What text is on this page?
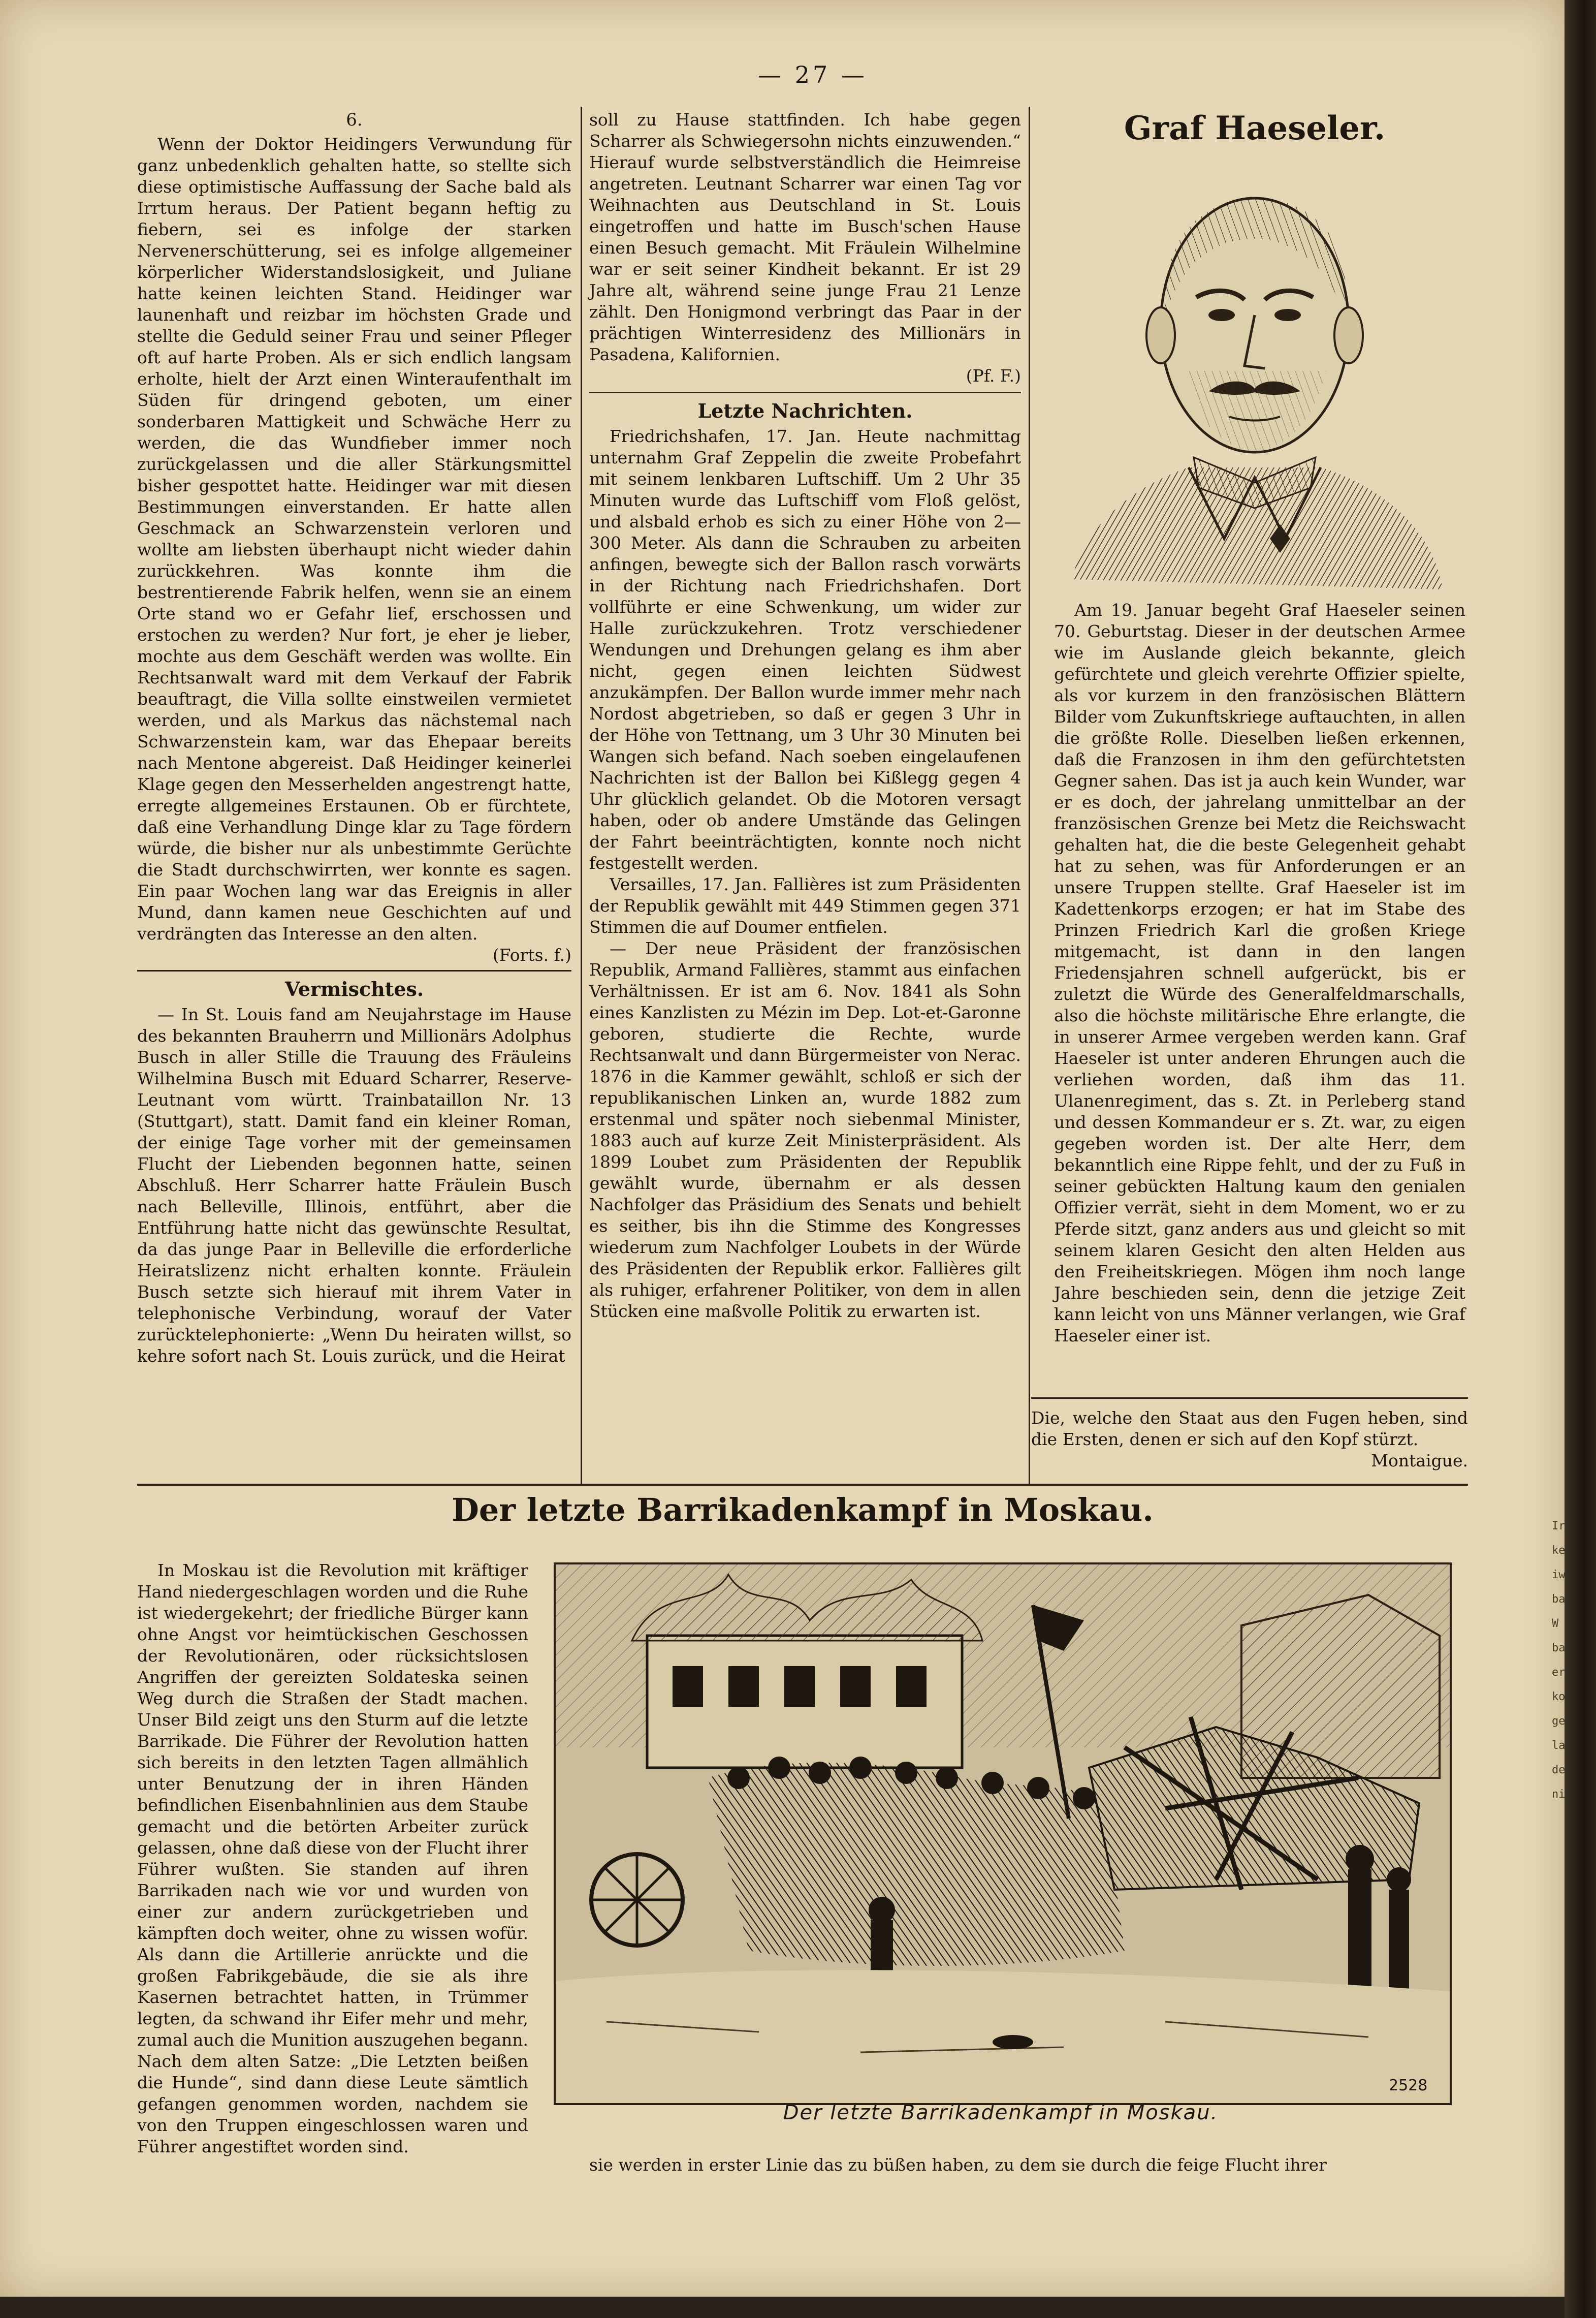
— 27 —
6.

Wenn der Doktor Heidingers Verwundung für ganz unbedenklich gehalten hatte, so stellte sich diese optimistische Auffassung der Sache bald als Irrtum heraus. Der Patient begann heftig zu fiebern, sei es infolge der starken Nervenerschütterung, sei es infolge allgemeiner körperlicher Widerstandslosigkeit, und Juliane hatte keinen leichten Stand. Heidinger war launenhaft und reizbar im höchsten Grade und stellte die Geduld seiner Frau und seiner Pfleger oft auf harte Proben. Als er sich endlich langsam erholte, hielt der Arzt einen Winteraufenthalt im Süden für dringend geboten, um einer sonderbaren Mattigkeit und Schwäche Herr zu werden, die das Wundfieber immer noch zurückgelassen und die aller Stärkungsmittel bisher gespottet hatte. Heidinger war mit diesen Bestimmungen einverstanden. Er hatte allen Geschmack an Schwarzenstein verloren und wollte am liebsten überhaupt nicht wieder dahin zurückkehren. Was konnte ihm die bestrentierende Fabrik helfen, wenn sie an einem Orte stand wo er Gefahr lief, erschossen und erstochen zu werden? Nur fort, je eher je lieber, mochte aus dem Geschäft werden was wollte. Ein Rechtsanwalt ward mit dem Verkauf der Fabrik beauftragt, die Villa sollte einstweilen vermietet werden, und als Markus das nächstemal nach Schwarzenstein kam, war das Ehepaar bereits nach Mentone abgereist. Daß Heidinger keinerlei Klage gegen den Messerhelden angestrengt hatte, erregte allgemeines Erstaunen. Ob er fürchtete, daß eine Verhandlung Dinge klar zu Tage fördern würde, die bisher nur als unbestimmte Gerüchte die Stadt durchschwirrten, wer konnte es sagen. Ein paar Wochen lang war das Ereignis in aller Mund, dann kamen neue Geschichten auf und verdrängten das Interesse an den alten.

(Forts. f.)
Vermischtes.

— In St. Louis fand am Neujahrstage im Hause des bekannten Brauherrn und Millionärs Adolphus Busch in aller Stille die Trauung des Fräuleins Wilhelmina Busch mit Eduard Scharrer, Reserve-Leutnant vom württ. Trainbataillon Nr. 13 (Stuttgart), statt. Damit fand ein kleiner Roman, der einige Tage vorher mit der gemeinsamen Flucht der Liebenden begonnen hatte, seinen Abschluß. Herr Scharrer hatte Fräulein Busch nach Belleville, Illinois, entführt, aber die Entführung hatte nicht das gewünschte Resultat, da das junge Paar in Belleville die erforderliche Heiratslizenz nicht erhalten konnte. Fräulein Busch setzte sich hierauf mit ihrem Vater in telephonische Verbindung, worauf der Vater zurücktelephonierte: „Wenn Du heiraten willst, so kehre sofort nach St. Louis zurück, und die Heirat

soll zu Hause stattfinden. Ich habe gegen Scharrer als Schwiegersohn nichts einzuwenden.“ Hierauf wurde selbstverständlich die Heimreise angetreten. Leutnant Scharrer war einen Tag vor Weihnachten aus Deutschland in St. Louis eingetroffen und hatte im Busch'schen Hause einen Besuch gemacht. Mit Fräulein Wilhelmine war er seit seiner Kindheit bekannt. Er ist 29 Jahre alt, während seine junge Frau 21 Lenze zählt. Den Honigmond verbringt das Paar in der prächtigen Winterresidenz des Millionärs in Pasadena, Kalifornien.

(Pf. F.)
Letzte Nachrichten.

Friedrichshafen, 17. Jan. Heute nachmittag unternahm Graf Zeppelin die zweite Probefahrt mit seinem lenkbaren Luftschiff. Um 2 Uhr 35 Minuten wurde das Luftschiff vom Floß gelöst, und alsbald erhob es sich zu einer Höhe von 2—300 Meter. Als dann die Schrauben zu arbeiten anfingen, bewegte sich der Ballon rasch vorwärts in der Richtung nach Friedrichshafen. Dort vollführte er eine Schwenkung, um wider zur Halle zurückzukehren. Trotz verschiedener Wendungen und Drehungen gelang es ihm aber nicht, gegen einen leichten Südwest anzukämpfen. Der Ballon wurde immer mehr nach Nordost abgetrieben, so daß er gegen 3 Uhr in der Höhe von Tettnang, um 3 Uhr 30 Minuten bei Wangen sich befand. Nach soeben eingelaufenen Nachrichten ist der Ballon bei Kißlegg gegen 4 Uhr glücklich gelandet. Ob die Motoren versagt haben, oder ob andere Umstände das Gelingen der Fahrt beeinträchtigten, konnte noch nicht festgestellt werden.

Versailles, 17. Jan. Fallières ist zum Präsidenten der Republik gewählt mit 449 Stimmen gegen 371 Stimmen die auf Doumer entfielen.

— Der neue Präsident der französischen Republik, Armand Fallières, stammt aus einfachen Verhältnissen. Er ist am 6. Nov. 1841 als Sohn eines Kanzlisten zu Mézin im Dep. Lot-et-Garonne geboren, studierte die Rechte, wurde Rechtsanwalt und dann Bürgermeister von Nerac. 1876 in die Kammer gewählt, schloß er sich der republikanischen Linken an, wurde 1882 zum erstenmal und später noch siebenmal Minister, 1883 auch auf kurze Zeit Ministerpräsident. Als 1899 Loubet zum Präsidenten der Republik gewählt wurde, übernahm er als dessen Nachfolger das Präsidium des Senats und behielt es seither, bis ihn die Stimme des Kongresses wiederum zum Nachfolger Loubets in der Würde des Präsidenten der Republik erkor. Fallières gilt als ruhiger, erfahrener Politiker, von dem in allen Stücken eine maßvolle Politik zu erwarten ist.

Graf Haeseler.

Am 19. Januar begeht Graf Haeseler seinen 70. Geburtstag. Dieser in der deutschen Armee wie im Auslande gleich bekannte, gleich gefürchtete und gleich verehrte Offizier spielte, als vor kurzem in den französischen Blättern Bilder vom Zukunftskriege auftauchten, in allen die größte Rolle. Dieselben ließen erkennen, daß die Franzosen in ihm den gefürchtetsten Gegner sahen. Das ist ja auch kein Wunder, war er es doch, der jahrelang unmittelbar an der französischen Grenze bei Metz die Reichswacht gehalten hat, die die beste Gelegenheit gehabt hat zu sehen, was für Anforderungen er an unsere Truppen stellte. Graf Haeseler ist im Kadettenkorps erzogen; er hat im Stabe des Prinzen Friedrich Karl die großen Kriege mitgemacht, ist dann in den langen Friedensjahren schnell aufgerückt, bis er zuletzt die Würde des Generalfeldmarschalls, also die höchste militärische Ehre erlangte, die in unserer Armee vergeben werden kann. Graf Haeseler ist unter anderen Ehrungen auch die verliehen worden, daß ihm das 11. Ulanenregiment, das s. Zt. in Perleberg stand und dessen Kommandeur er s. Zt. war, zu eigen gegeben worden ist. Der alte Herr, dem bekanntlich eine Rippe fehlt, und der zu Fuß in seiner gebückten Haltung kaum den genialen Offizier verrät, sieht in dem Moment, wo er zu Pferde sitzt, ganz anders aus und gleicht so mit seinem klaren Gesicht den alten Helden aus den Freiheitskriegen. Mögen ihm noch lange Jahre beschieden sein, denn die jetzige Zeit kann leicht von uns Männer verlangen, wie Graf Haeseler einer ist.

Die, welche den Staat aus den Fugen heben, sind die Ersten, denen er sich auf den Kopf stürzt.

Montaigue.
Der letzte Barrikadenkampf in Moskau.

In Moskau ist die Revolution mit kräftiger Hand niedergeschlagen worden und die Ruhe ist wiedergekehrt; der friedliche Bürger kann ohne Angst vor heimtückischen Geschossen der Revolutionären, oder rücksichtslosen Angriffen der gereizten Soldateska seinen Weg durch die Straßen der Stadt machen. Unser Bild zeigt uns den Sturm auf die letzte Barrikade. Die Führer der Revolution hatten sich bereits in den letzten Tagen allmählich unter Benutzung der in ihren Händen befindlichen Eisenbahnlinien aus dem Staube gemacht und die betörten Arbeiter zurück gelassen, ohne daß diese von der Flucht ihrer Führer wußten. Sie standen auf ihren Barrikaden nach wie vor und wurden von einer zur andern zurückgetrieben und kämpften doch weiter, ohne zu wissen wofür. Als dann die Artillerie anrückte und die großen Fabrikgebäude, die sie als ihre Kasernen betrachtet hatten, in Trümmer legten, da schwand ihr Eifer mehr und mehr, zumal auch die Munition auszugehen begann. Nach dem alten Satze: „Die Letzten beißen die Hunde“, sind dann diese Leute sämtlich gefangen genommen worden, nachdem sie von den Truppen eingeschlossen waren und Führer angestiftet worden sind.

2528
Der letzte Barrikadenkampf in Moskau.

sie werden in erster Linie das zu büßen haben, zu dem sie durch die feige Flucht ihrer

Ir
ke
iw
ba
W
ba
er
ko
ge
la
de
ni
